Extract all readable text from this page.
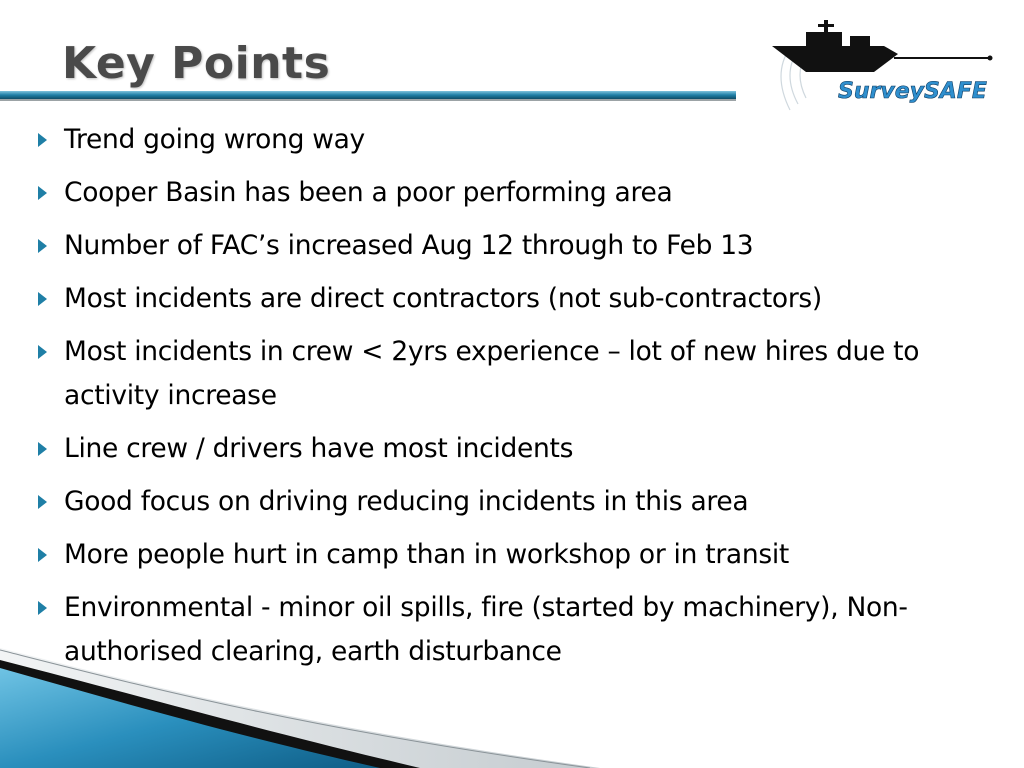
Key Points
SurveySAFE
Trend going wrong way
Cooper Basin has been a poor performing area
Number of FAC’s increased Aug 12 through to Feb 13
Most incidents are direct contractors (not sub-contractors)
Most incidents in crew < 2yrs experience – lot of new hires due to activity increase
Line crew / drivers have most incidents
Good focus on driving reducing incidents in this area
More people hurt in camp than in workshop or in transit
Environmental - minor oil spills, fire (started by machinery), Non-authorised clearing, earth disturbance
